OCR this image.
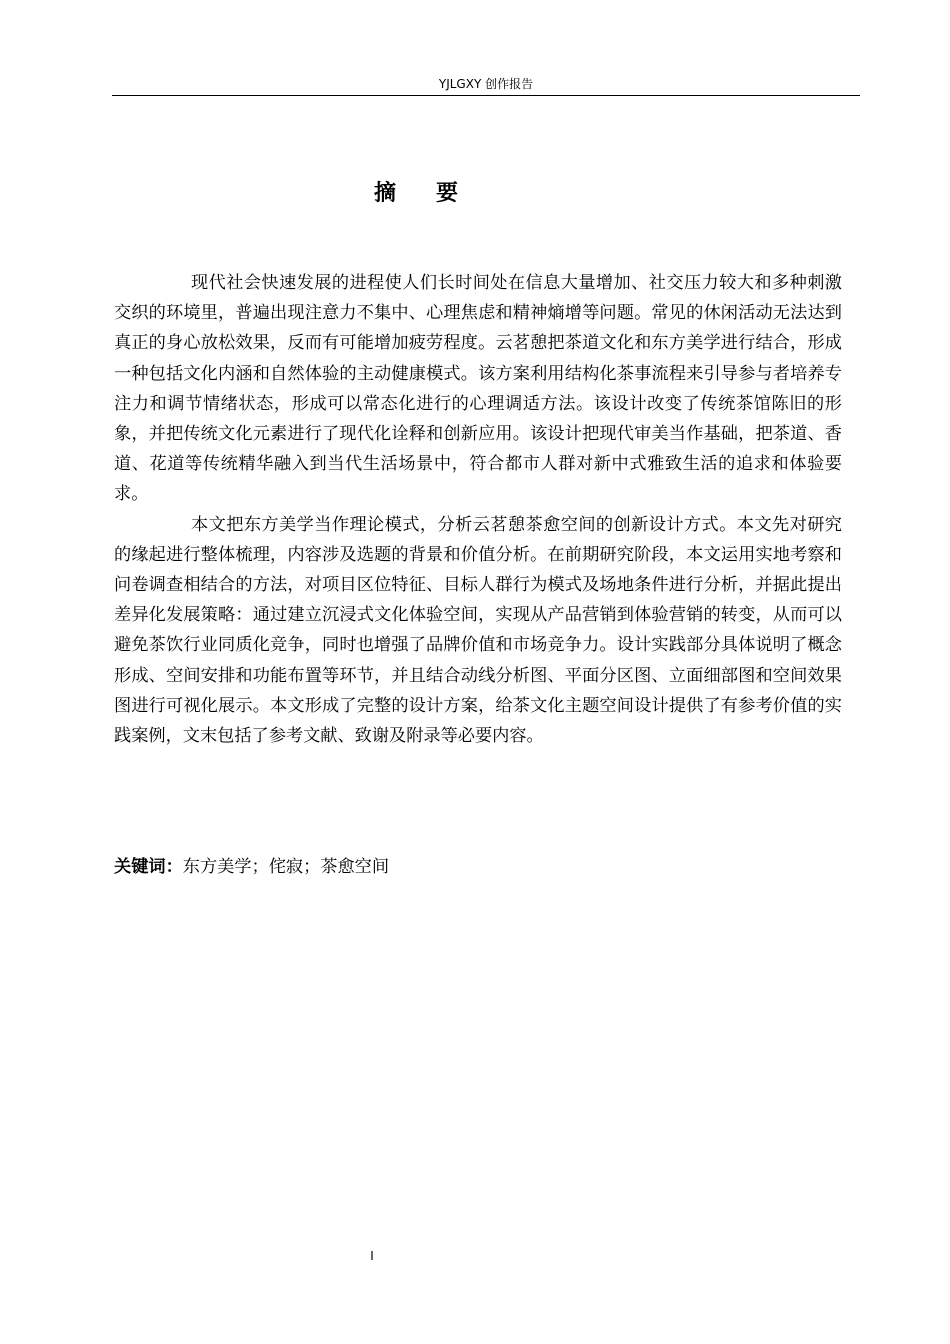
YJLGXY 创作报告
摘要

现代社会快速发展的进程使人们长时间处在信息大量增加、社交压力较大和多种刺激交织的环境里，普遍出现注意力不集中、心理焦虑和精神熵增等问题。常见的休闲活动无法达到真正的身心放松效果，反而有可能增加疲劳程度。云茗憩把茶道文化和东方美学进行结合，形成一种包括文化内涵和自然体验的主动健康模式。该方案利用结构化茶事流程来引导参与者培养专注力和调节情绪状态，形成可以常态化进行的心理调适方法。该设计改变了传统茶馆陈旧的形象，并把传统文化元素进行了现代化诠释和创新应用。该设计把现代审美当作基础，把茶道、香道、花道等传统精华融入到当代生活场景中，符合都市人群对新中式雅致生活的追求和体验要求。

本文把东方美学当作理论模式，分析云茗憩茶愈空间的创新设计方式。本文先对研究的缘起进行整体梳理，内容涉及选题的背景和价值分析。在前期研究阶段，本文运用实地考察和问卷调查相结合的方法，对项目区位特征、目标人群行为模式及场地条件进行分析，并据此提出差异化发展策略：通过建立沉浸式文化体验空间，实现从产品营销到体验营销的转变，从而可以避免茶饮行业同质化竞争，同时也增强了品牌价值和市场竞争力。设计实践部分具体说明了概念形成、空间安排和功能布置等环节，并且结合动线分析图、平面分区图、立面细部图和空间效果图进行可视化展示。本文形成了完整的设计方案，给茶文化主题空间设计提供了有参考价值的实践案例，文末包括了参考文献、致谢及附录等必要内容。

关键词：东方美学；侘寂；茶愈空间
I
